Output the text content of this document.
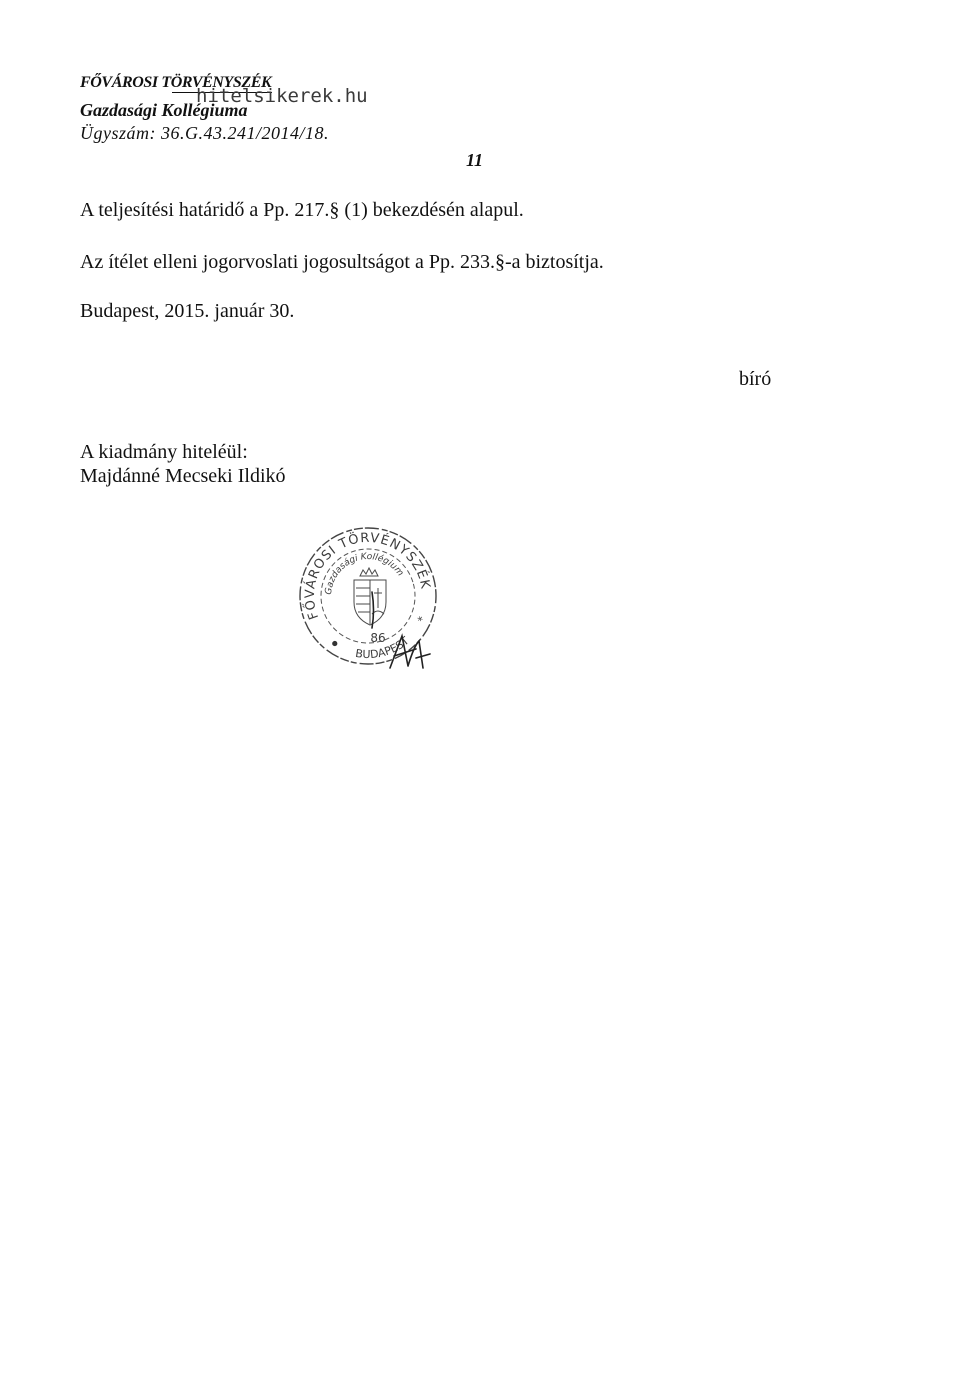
FŐVÁROSI TÖRVÉNYSZÉK
Gazdasági Kollégiuma
Ügyszám: 36.G.43.241/2014/18.
hitelsikerek.hu
11
A teljesítési határidő a Pp. 217.§ (1) bekezdésén alapul.
Az ítélet elleni jogorvoslati jogosultságot a Pp. 233.§-a biztosítja.
Budapest, 2015. január 30.
bíró
A kiadmány hiteléül:
Majdánné Mecseki Ildikó
FŐVÁROSI TÖRVÉNYSZÉK
Gazdasági Kollégium
BUDAPEST
*
86
